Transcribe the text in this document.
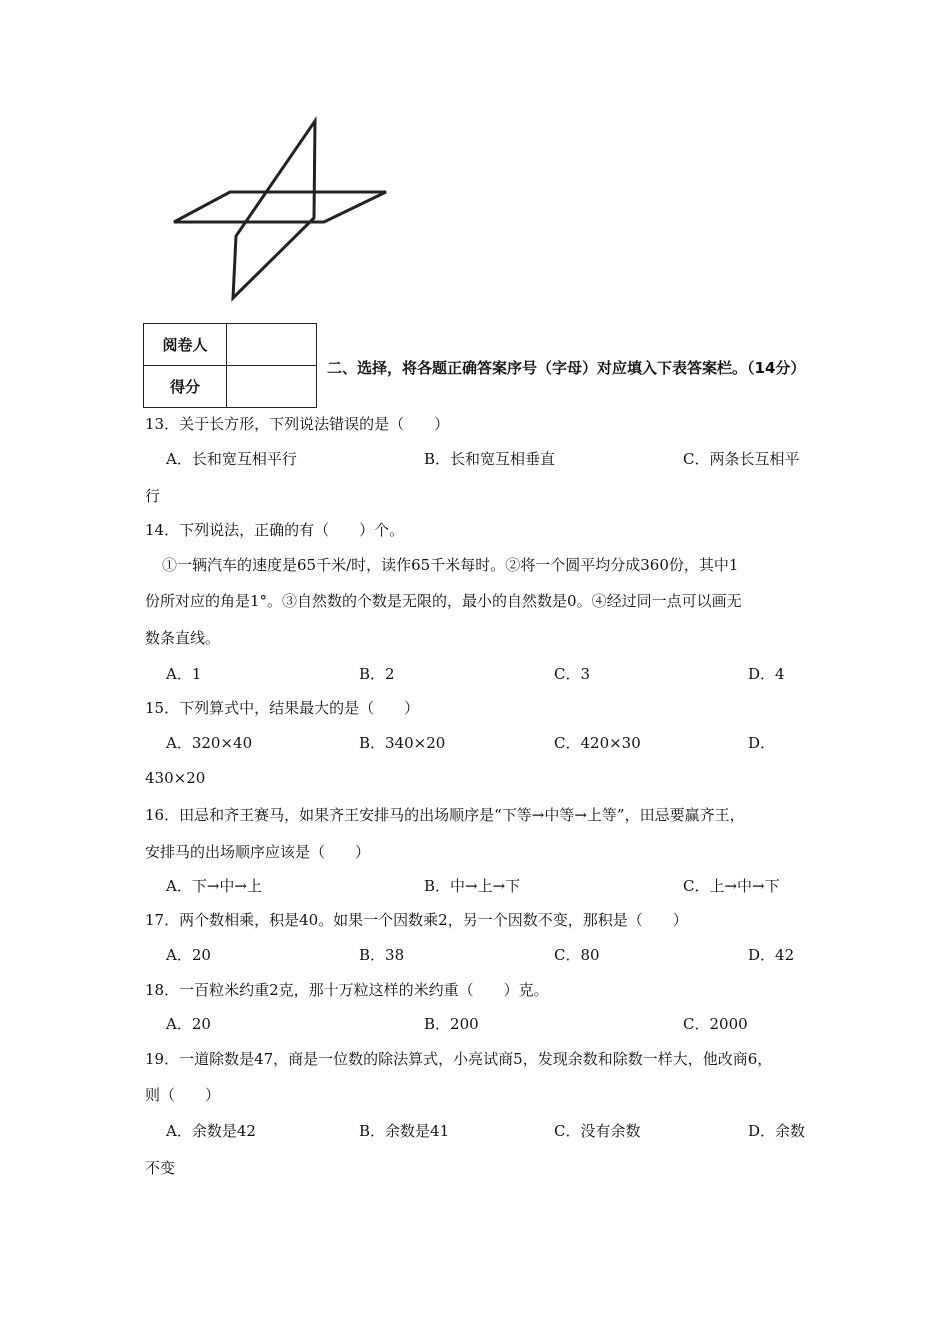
阅卷人	
得分	
二、选择，将各题正确答案序号（字母）对应填入下表答案栏。（14分）
13．关于长方形，下列说法错误的是（　　）
A．长和宽互相平行	B．长和宽互相垂直	C．两条长互相平
行
14．下列说法，正确的有（　　）个。
①一辆汽车的速度是65千米/时，读作65千米每时。②将一个圆平均分成360份，其中1
份所对应的角是1°。③自然数的个数是无限的，最小的自然数是0。④经过同一点可以画无
数条直线。
A．1	B．2	C．3	D．4
15．下列算式中，结果最大的是（　　）
A．320×40	B．340×20	C．420×30	D．
430×20
16．田忌和齐王赛马，如果齐王安排马的出场顺序是“下等→中等→上等”，田忌要赢齐王，
安排马的出场顺序应该是（　　）
A．下→中→上	B．中→上→下	C．上→中→下
17．两个数相乘，积是40。如果一个因数乘2，另一个因数不变，那积是（　　）
A．20	B．38	C．80	D．42
18．一百粒米约重2克，那十万粒这样的米约重（　　）克。
A．20	B．200	C．2000
19．一道除数是47，商是一位数的除法算式，小亮试商5，发现余数和除数一样大，他改商6，
则（　　）
A．余数是42	B．余数是41	C．没有余数	D．余数
不变
